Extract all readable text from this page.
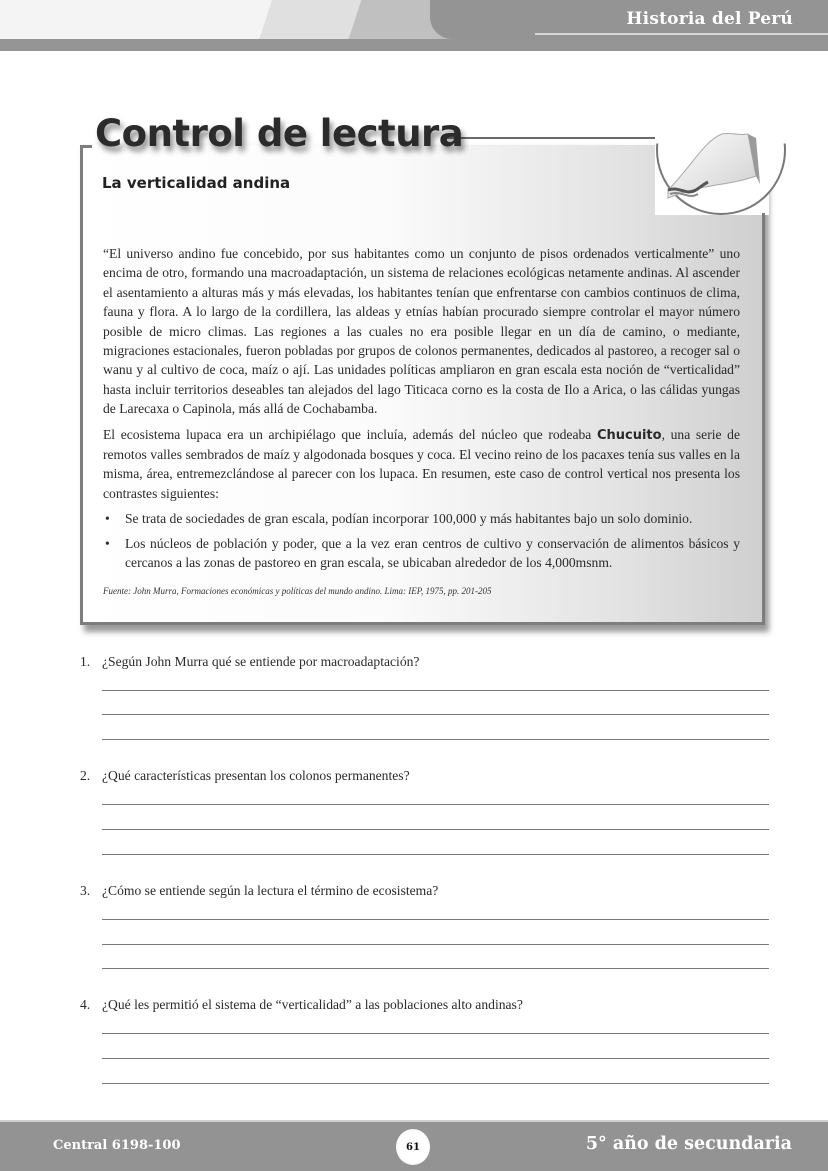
Historia del Perú
Control de lectura
La verticalidad andina

“El universo andino fue concebido, por sus habitantes como un conjunto de pisos ordenados verticalmente” uno encima de otro, formando una macroadaptación, un sistema de relaciones ecológicas netamente andinas. Al ascender el asentamiento a alturas más y más elevadas, los habitantes tenían que enfrentarse con cambios continuos de clima, fauna y flora. A lo largo de la cordillera, las aldeas y etnías habían procurado siempre controlar el mayor número posible de micro climas. Las regiones a las cuales no era posible llegar en un día de camino, o mediante, migraciones estacionales, fueron pobladas por grupos de colonos permanentes, dedicados al pastoreo, a recoger sal o wanu y al cultivo de coca, maíz o ají. Las unidades políticas ampliaron en gran escala esta noción de “verticalidad” hasta incluir territorios deseables tan alejados del lago Titicaca corno es la costa de Ilo a Arica, o las cálidas yungas de Larecaxa o Capinola, más allá de Cochabamba.

El ecosistema lupaca era un archipiélago que incluía, además del núcleo que rodeaba Chucuito, una serie de remotos valles sembrados de maíz y algodonada bosques y coca. El vecino reino de los pacaxes tenía sus valles en la misma, área, entremezclándose al parecer con los lupaca. En resumen, este caso de control vertical nos presenta los contrastes siguientes:

• Se trata de sociedades de gran escala, podían incorporar 100,000 y más habitantes bajo un solo dominio.
• Los núcleos de población y poder, que a la vez eran centros de cultivo y conservación de alimentos básicos y cercanos a las zonas de pastoreo en gran escala, se ubicaban alrededor de los 4,000msnm.
Fuente: John Murra, Formaciones económicas y políticas del mundo andino. Lima: IEP, 1975, pp. 201-205
1. ¿Según John Murra qué se entiende por macroadaptación?
2. ¿Qué características presentan los colonos permanentes?
3. ¿Cómo se entiende según la lectura el término de ecosistema?
4. ¿Qué les permitió el sistema de “verticalidad” a las poblaciones alto andinas?
Central 6198-100	61	5° año de secundaria
